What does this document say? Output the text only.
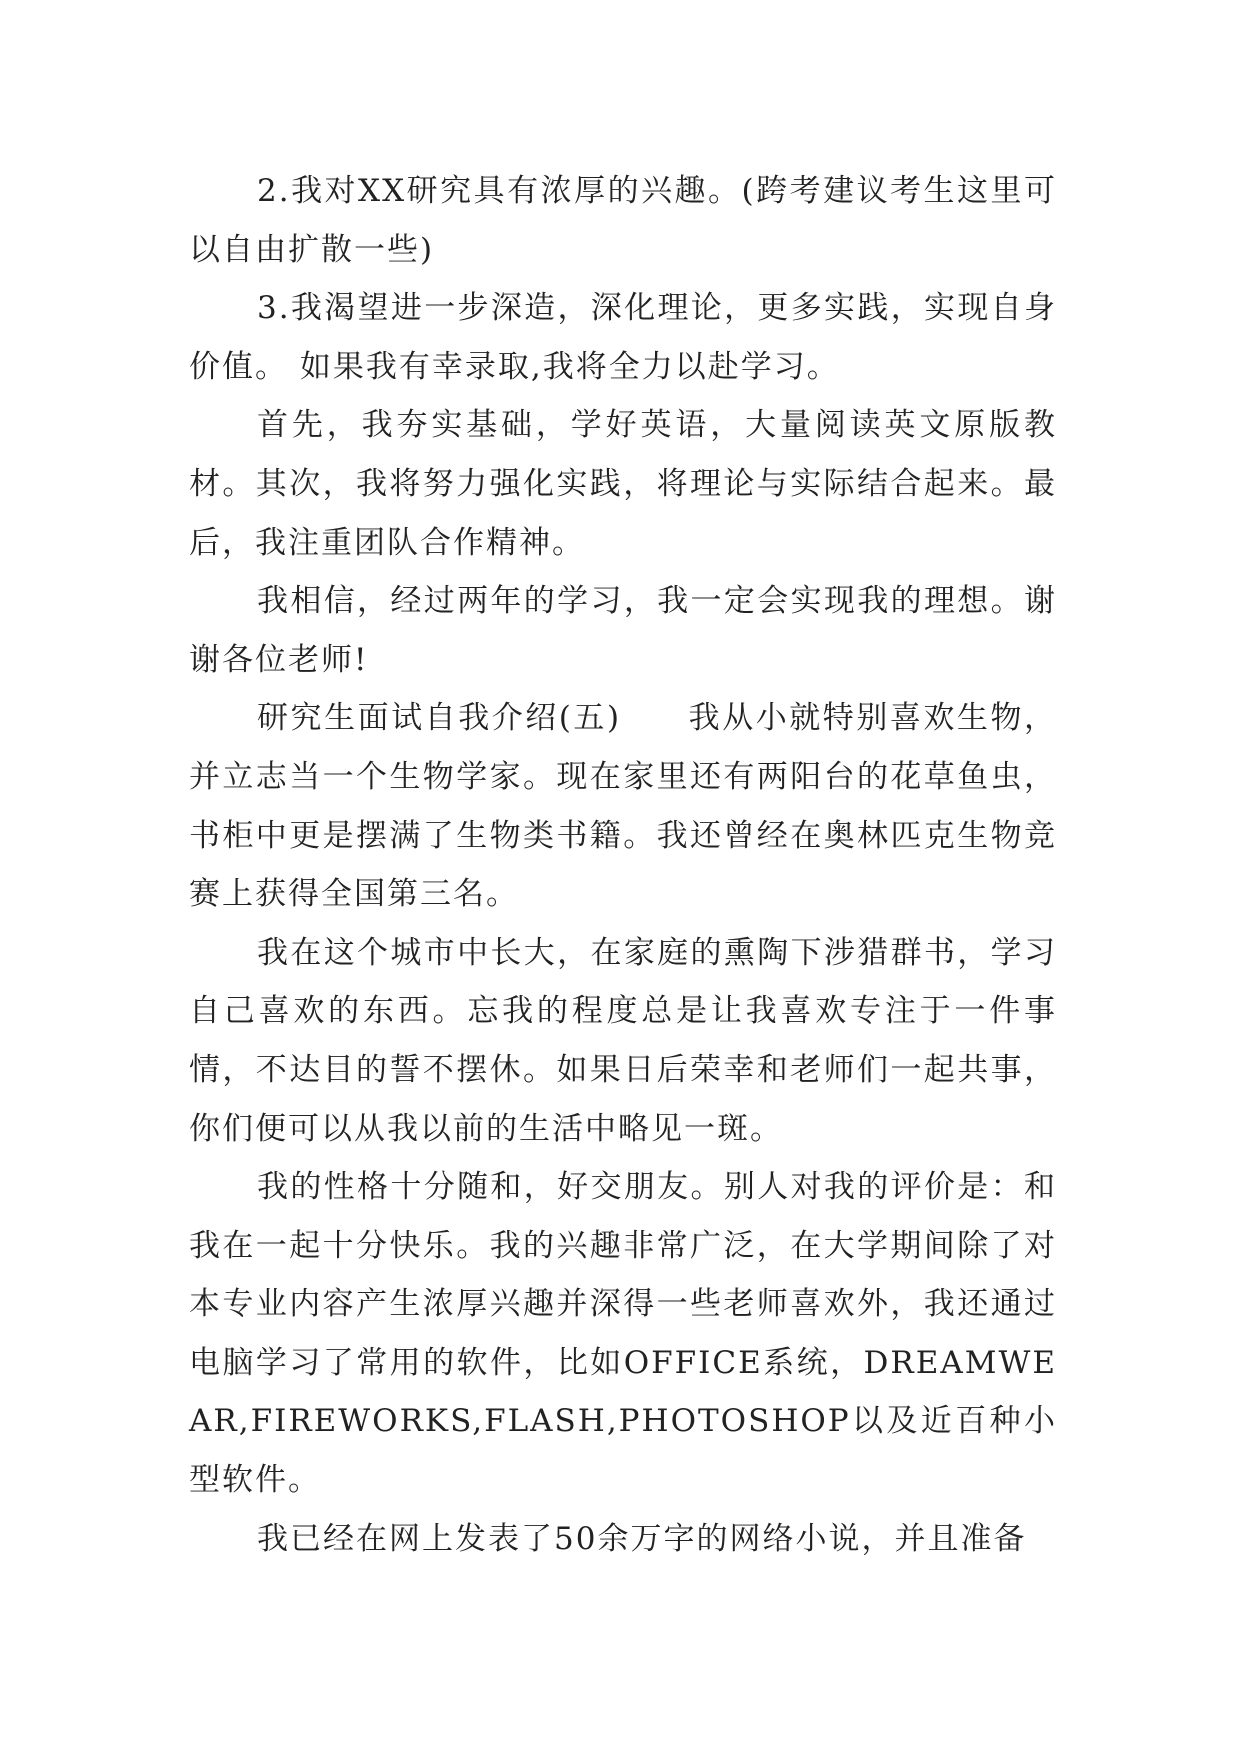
2.我对XX研究具有浓厚的兴趣。(跨考建议考生这里可以自由扩散一些)

3.我渴望进一步深造，深化理论，更多实践，实现自身价值。 如果我有幸录取,我将全力以赴学习。

首先，我夯实基础，学好英语，大量阅读英文原版教材。其次，我将努力强化实践，将理论与实际结合起来。最后，我注重团队合作精神。

我相信，经过两年的学习，我一定会实现我的理想。谢谢各位老师!

研究生面试自我介绍(五)　　我从小就特别喜欢生物，并立志当一个生物学家。现在家里还有两阳台的花草鱼虫，书柜中更是摆满了生物类书籍。我还曾经在奥林匹克生物竞赛上获得全国第三名。

我在这个城市中长大，在家庭的熏陶下涉猎群书，学习自己喜欢的东西。忘我的程度总是让我喜欢专注于一件事情，不达目的誓不摆休。如果日后荣幸和老师们一起共事，你们便可以从我以前的生活中略见一斑。

我的性格十分随和，好交朋友。别人对我的评价是：和我在一起十分快乐。我的兴趣非常广泛，在大学期间除了对本专业内容产生浓厚兴趣并深得一些老师喜欢外，我还通过电脑学习了常用的软件，比如OFFICE系统，DREAMWEAR,FIREWORKS,FLASH,PHOTOSHOP以及近百种小型软件。

我已经在网上发表了50余万字的网络小说，并且准备
